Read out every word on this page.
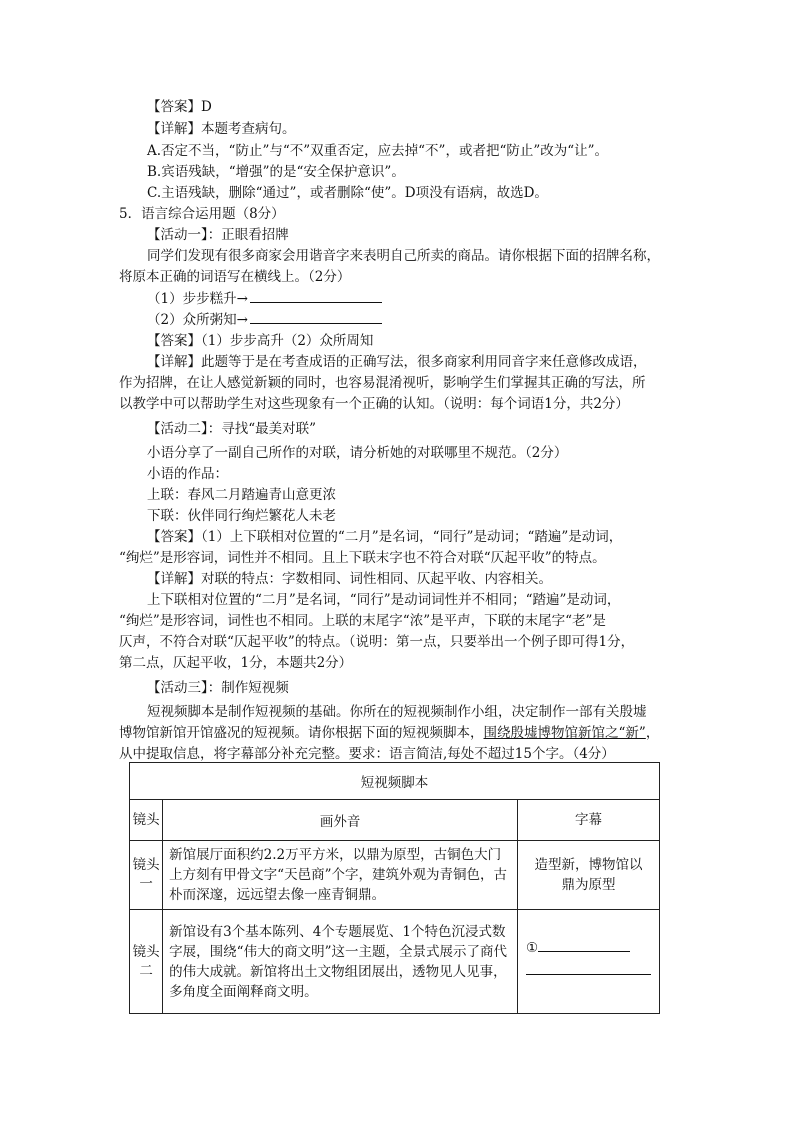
【答案】D
【详解】本题考查病句。
A.否定不当，“防止”与“不”双重否定，应去掉“不”，或者把“防止”改为“让”。
B.宾语残缺，“增强”的是“安全保护意识”。
C.主语残缺，删除“通过”，或者删除“使”。D项没有语病，故选D。
5．语言综合运用题（8分）
【活动一】：正眼看招牌
同学们发现有很多商家会用谐音字来表明自己所卖的商品。请你根据下面的招牌名称，
将原本正确的词语写在横线上。（2分）
（1）步步糕升→
（2）众所粥知→
【答案】（1）步步高升（2）众所周知
【详解】此题等于是在考查成语的正确写法，很多商家利用同音字来任意修改成语，
作为招牌，在让人感觉新颖的同时，也容易混淆视听，影响学生们掌握其正确的写法，所
以教学中可以帮助学生对这些现象有一个正确的认知。（说明：每个词语1分，共2分）
【活动二】：寻找“最美对联”
小语分享了一副自己所作的对联，请分析她的对联哪里不规范。（2分）
小语的作品：
上联：春风二月踏遍青山意更浓
下联：伙伴同行绚烂繁花人未老
【答案】（1）上下联相对位置的“二月”是名词，“同行”是动词；“踏遍”是动词，
“绚烂”是形容词，词性并不相同。且上下联末字也不符合对联“仄起平收”的特点。
【详解】对联的特点：字数相同、词性相同、仄起平收、内容相关。
上下联相对位置的“二月”是名词，“同行”是动词词性并不相同；“踏遍”是动词，
“绚烂”是形容词，词性也不相同。上联的末尾字“浓”是平声，下联的末尾字“老”是
仄声，不符合对联“仄起平收”的特点。（说明：第一点，只要举出一个例子即可得1分，
第二点，仄起平收，1分，本题共2分）
【活动三】：制作短视频
短视频脚本是制作短视频的基础。你所在的短视频制作小组，决定制作一部有关殷墟
博物馆新馆开馆盛况的短视频。请你根据下面的短视频脚本，围绕殷墟博物馆新馆之“新”，
从中提取信息，将字幕部分补充完整。要求：语言简洁,每处不超过15个字。（4分）
短视频脚本		
镜头	画外音	字幕
镜头一	新馆展厅面积约2.2万平方米，以鼎为原型，古铜色大门上方刻有甲骨文字“天邑商”个字，建筑外观为青铜色，古朴而深邃，远远望去像一座青铜鼎。	造型新，博物馆以鼎为原型
镜头二	新馆设有3个基本陈列、4个专题展览、1个特色沉浸式数字展，围绕“伟大的商文明”这一主题，全景式展示了商代的伟大成就。新馆将出土文物组团展出，透物见人见事，多角度全面阐释商文明。	①
